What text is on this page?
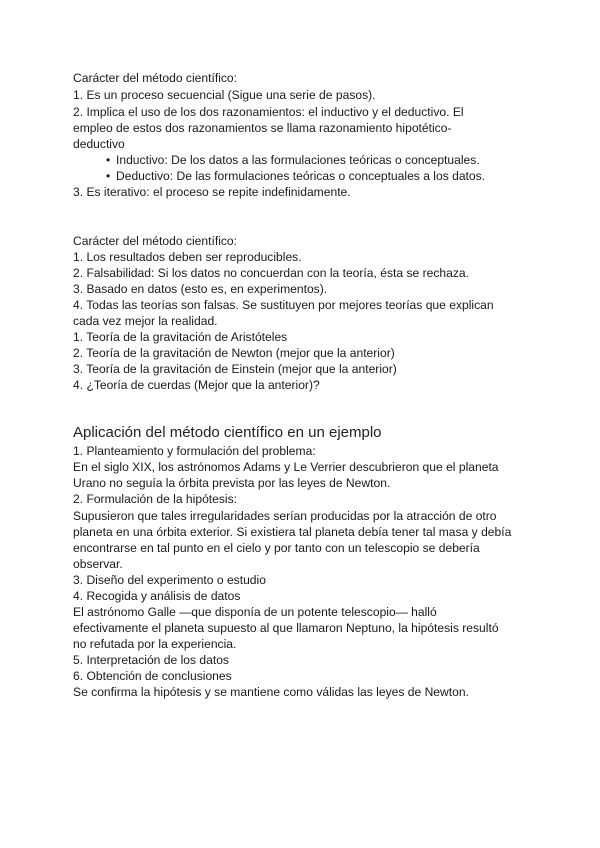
Carácter del método científico:
1. Es un proceso secuencial (Sigue una serie de pasos).
2. Implica el uso de los dos razonamientos: el inductivo y el deductivo. El
empleo de estos dos razonamientos se llama razonamiento hipotético-
deductivo
• Inductivo: De los datos a las formulaciones teóricas o conceptuales.
• Deductivo: De las formulaciones teóricas o conceptuales a los datos.
3. Es iterativo: el proceso se repite indefinidamente.
Carácter del método científico:
1. Los resultados deben ser reproducibles.
2. Falsabilidad: Si los datos no concuerdan con la teoría, ésta se rechaza.
3. Basado en datos (esto es, en experimentos).
4. Todas las teorías son falsas. Se sustituyen por mejores teorías que explican
cada vez mejor la realidad.
1. Teoría de la gravitación de Aristóteles
2. Teoría de la gravitación de Newton (mejor que la anterior)
3. Teoría de la gravitación de Einstein (mejor que la anterior)
4. ¿Teoría de cuerdas (Mejor que la anterior)?
Aplicación del método científico en un ejemplo
1. Planteamiento y formulación del problema:
En el siglo XIX, los astrónomos Adams y Le Verrier descubrieron que el planeta
Urano no seguía la órbita prevista por las leyes de Newton.
2. Formulación de la hipótesis:
Supusieron que tales irregularidades serían producidas por la atracción de otro
planeta en una órbita exterior. Si existiera tal planeta debía tener tal masa y debía
encontrarse en tal punto en el cielo y por tanto con un telescopio se debería
observar.
3. Diseño del experimento o estudio
4. Recogida y análisis de datos
El astrónomo Galle —que disponía de un potente telescopio— halló
efectivamente el planeta supuesto al que llamaron Neptuno, la hipótesis resultó
no refutada por la experiencia.
5. Interpretación de los datos
6. Obtención de conclusiones
Se confirma la hipótesis y se mantiene como válidas las leyes de Newton.
